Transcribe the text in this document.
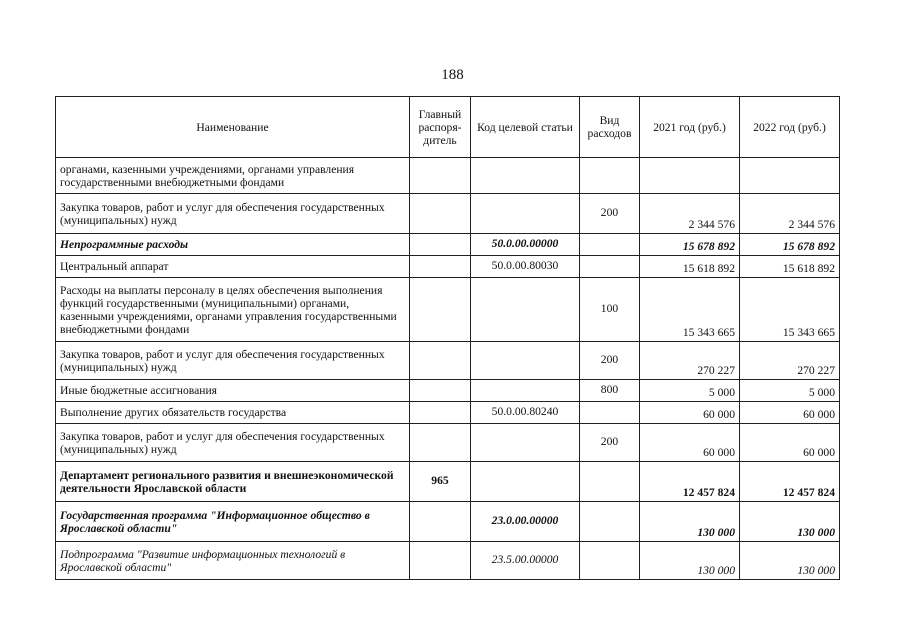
188
Наименование	Главный распоря-дитель	Код целевой статьи	Вид расходов	2021 год (руб.)	2022 год (руб.)
органами, казенными учреждениями, органами управления государственными внебюджетными фондами					
Закупка товаров, работ и услуг для обеспечения государственных (муниципальных) нужд			200	2 344 576	2 344 576
Непрограммные расходы		50.0.00.00000		15 678 892	15 678 892
Центральный аппарат		50.0.00.80030		15 618 892	15 618 892
Расходы на выплаты персоналу в целях обеспечения выполнения функций государственными (муниципальными) органами, казенными учреждениями, органами управления государственными внебюджетными фондами			100	15 343 665	15 343 665
Закупка товаров, работ и услуг для обеспечения государственных (муниципальных) нужд			200	270 227	270 227
Иные бюджетные ассигнования			800	5 000	5 000
Выполнение других обязательств государства		50.0.00.80240		60 000	60 000
Закупка товаров, работ и услуг для обеспечения государственных (муниципальных) нужд			200	60 000	60 000
Департамент регионального развития и внешнеэкономической деятельности Ярославской области	965			12 457 824	12 457 824
Государственная программа "Информационное общество в Ярославской области"		23.0.00.00000		130 000	130 000
Подпрограмма "Развитие информационных технологий в Ярославской области"		23.5.00.00000		130 000	130 000
